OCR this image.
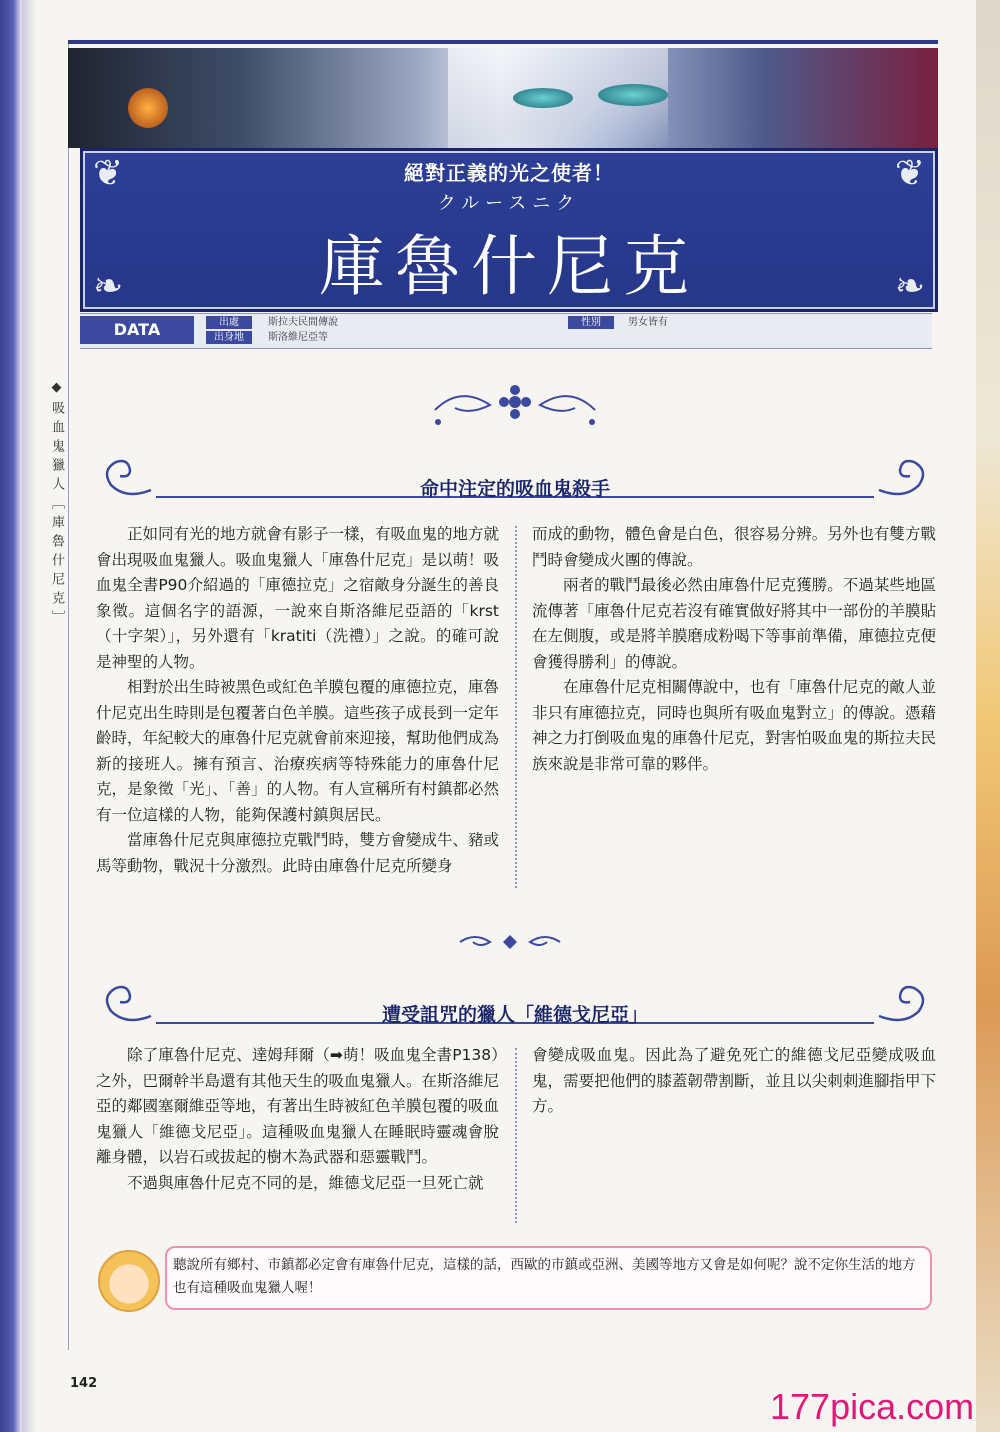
❦	❦
❧	❧
絕對正義的光之使者！
クルースニク
庫魯什尼克
DATA	出處	斯拉夫民間傳說
出身地	斯洛維尼亞等
性別	男女皆有
◆吸血鬼獵人［庫魯什尼克］	命中注定的吸血鬼殺手

正如同有光的地方就會有影子一樣，有吸血鬼的地方就會出現吸血鬼獵人。吸血鬼獵人「庫魯什尼克」是以萌！吸血鬼全書P90介紹過的「庫德拉克」之宿敵身分誕生的善良象徵。這個名字的語源，一說來自斯洛維尼亞語的「krst（十字架）」，另外還有「kratiti（洗禮）」之說。的確可說是神聖的人物。

相對於出生時被黑色或紅色羊膜包覆的庫德拉克，庫魯什尼克出生時則是包覆著白色羊膜。這些孩子成長到一定年齡時，年紀較大的庫魯什尼克就會前來迎接，幫助他們成為新的接班人。擁有預言、治療疾病等特殊能力的庫魯什尼克，是象徵「光」、「善」的人物。有人宣稱所有村鎮都必然有一位這樣的人物，能夠保護村鎮與居民。

當庫魯什尼克與庫德拉克戰鬥時，雙方會變成牛、豬或馬等動物，戰況十分激烈。此時由庫魯什尼克所變身

而成的動物，體色會是白色，很容易分辨。另外也有雙方戰鬥時會變成火團的傳說。

兩者的戰鬥最後必然由庫魯什尼克獲勝。不過某些地區流傳著「庫魯什尼克若沒有確實做好將其中一部份的羊膜貼在左側腹，或是將羊膜磨成粉喝下等事前準備，庫德拉克便會獲得勝利」的傳說。

在庫魯什尼克相關傳說中，也有「庫魯什尼克的敵人並非只有庫德拉克，同時也與所有吸血鬼對立」的傳說。憑藉神之力打倒吸血鬼的庫魯什尼克，對害怕吸血鬼的斯拉夫民族來說是非常可靠的夥伴。

遭受詛咒的獵人「維德戈尼亞」

除了庫魯什尼克、達姆拜爾（➡萌！吸血鬼全書P138）之外，巴爾幹半島還有其他天生的吸血鬼獵人。在斯洛維尼亞的鄰國塞爾維亞等地，有著出生時被紅色羊膜包覆的吸血鬼獵人「維德戈尼亞」。這種吸血鬼獵人在睡眠時靈魂會脫離身體，以岩石或拔起的樹木為武器和惡靈戰鬥。

不過與庫魯什尼克不同的是，維德戈尼亞一旦死亡就

會變成吸血鬼。因此為了避免死亡的維德戈尼亞變成吸血鬼，需要把他們的膝蓋韌帶割斷，並且以尖刺刺進腳指甲下方。

聽說所有鄉村、市鎮都必定會有庫魯什尼克，這樣的話，西歐的市鎮或亞洲、美國等地方又會是如何呢？說不定你生活的地方也有這種吸血鬼獵人喔！
142
177pica.com
